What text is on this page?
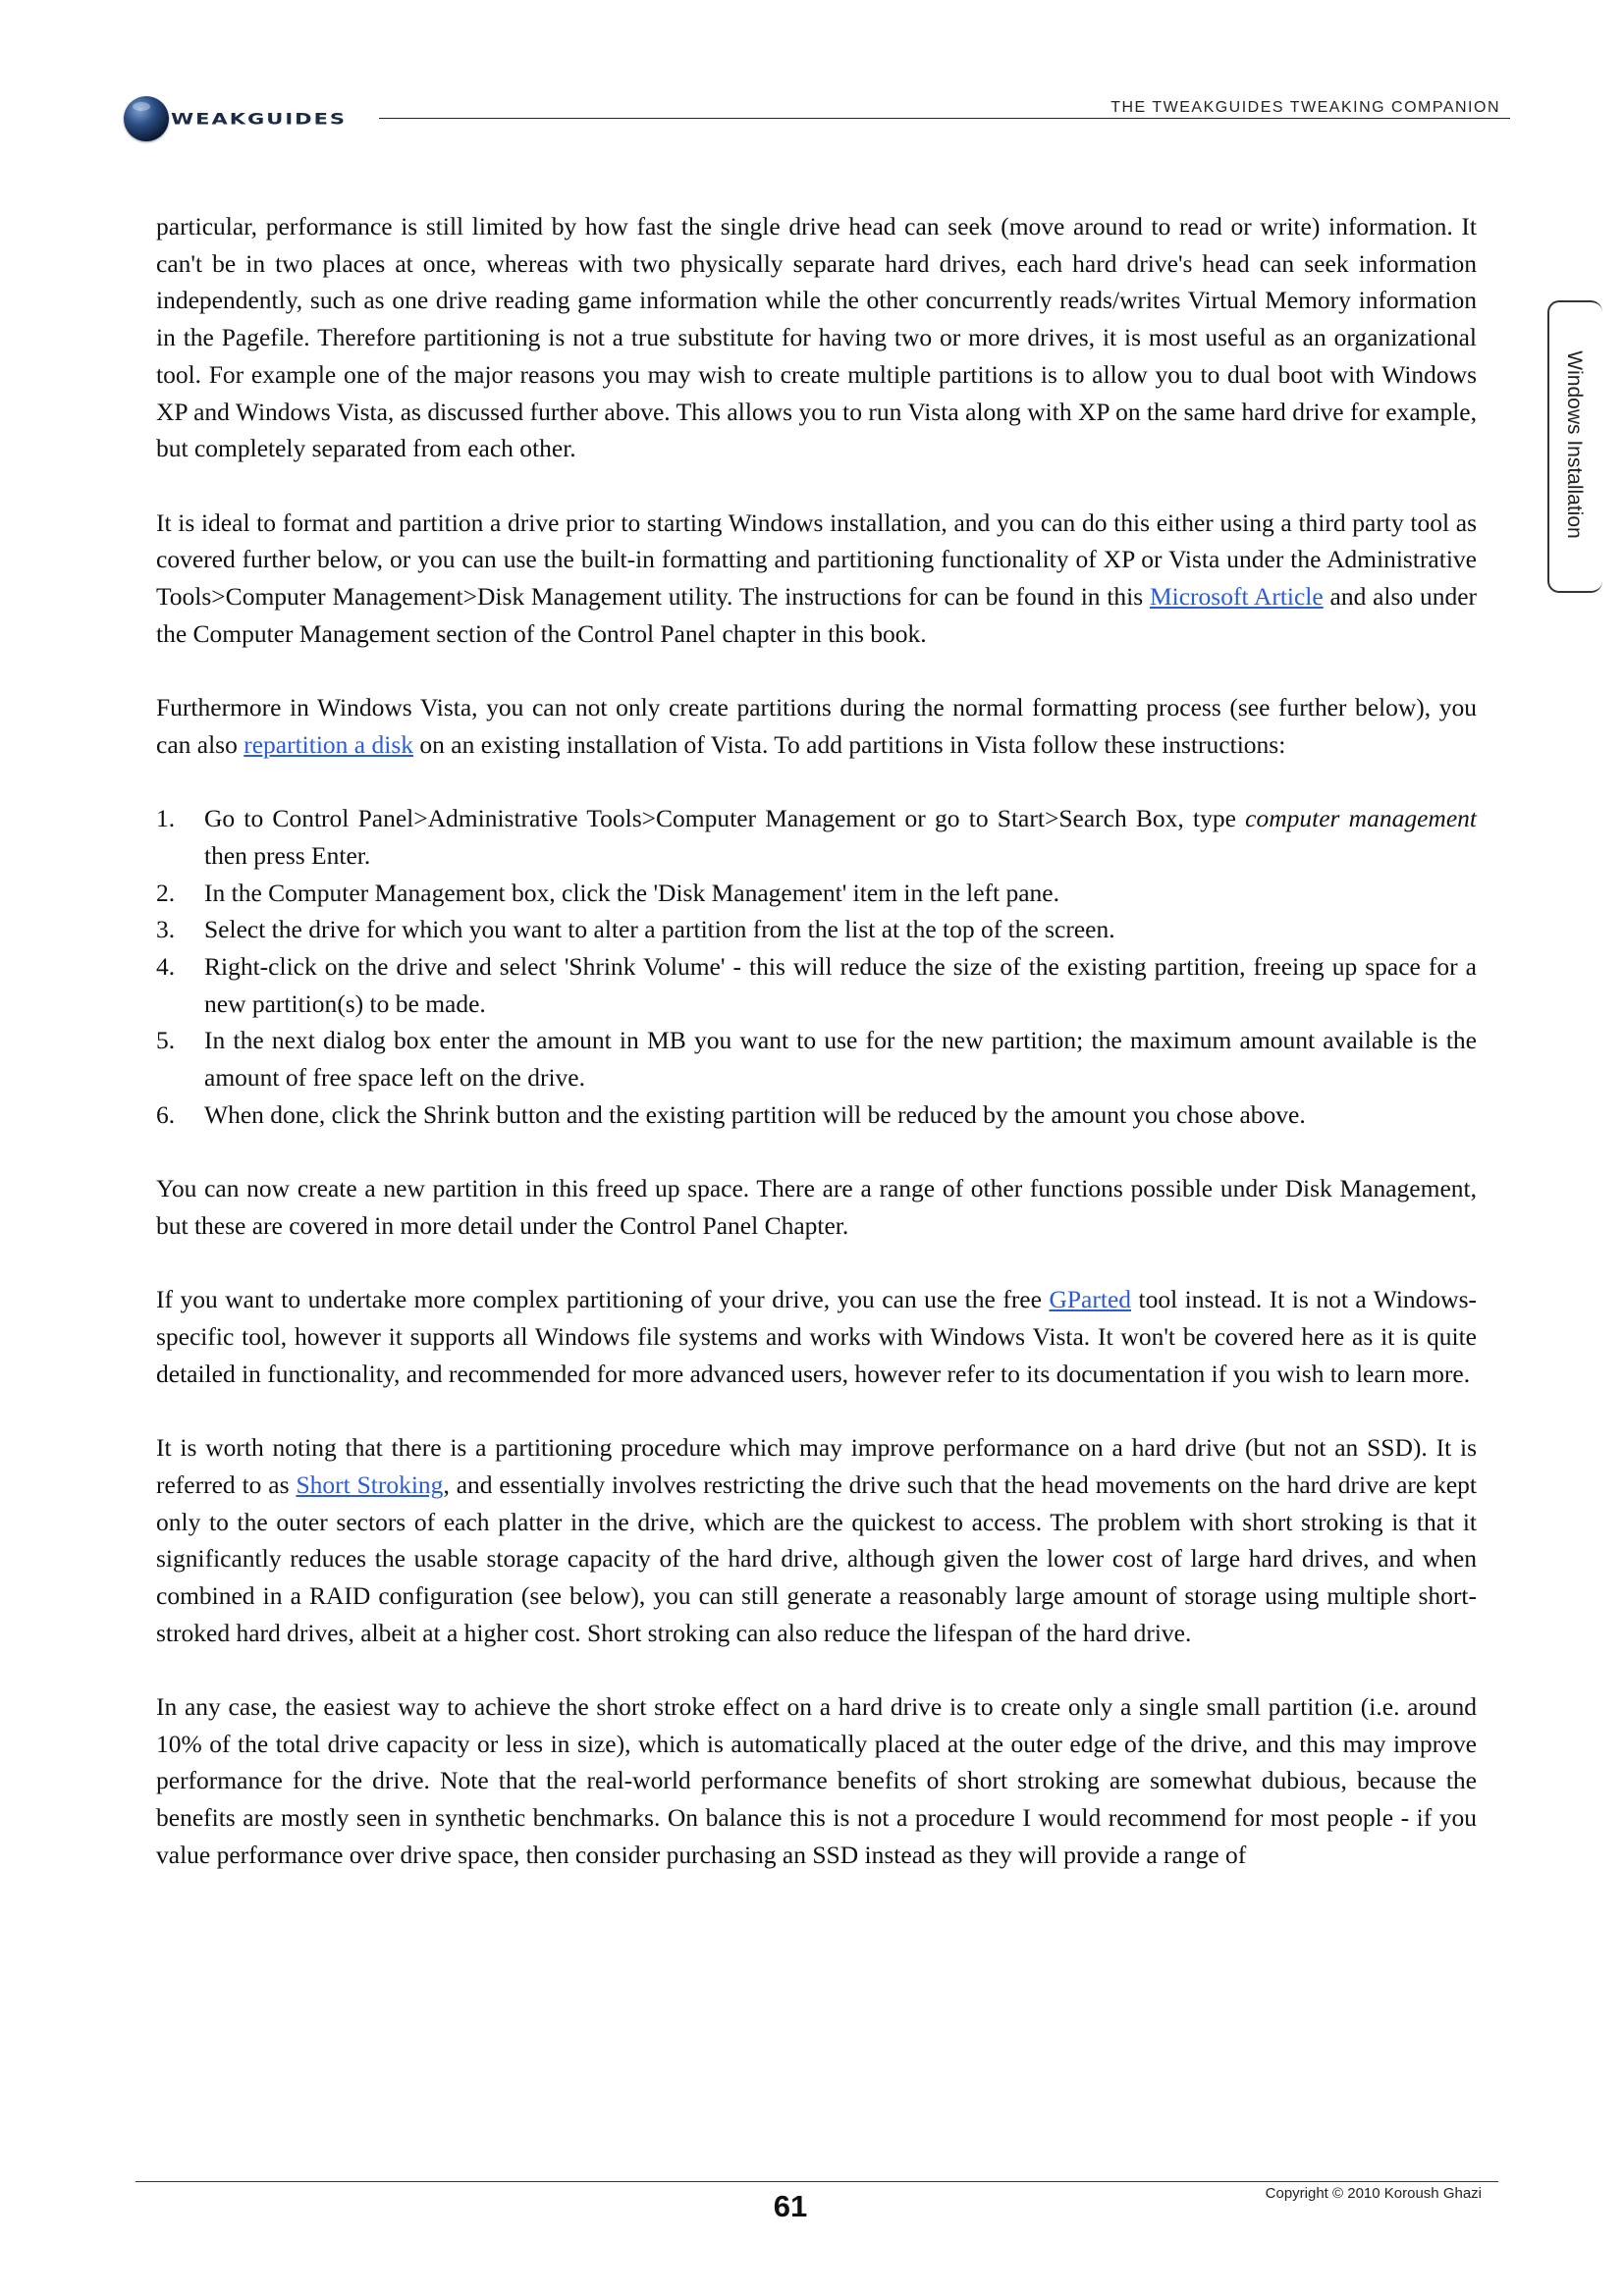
WEAKGUIDES
THE TWEAKGUIDES TWEAKING COMPANION
Windows Installation

particular, performance is still limited by how fast the single drive head can seek (move around to read or write) information. It can't be in two places at once, whereas with two physically separate hard drives, each hard drive's head can seek information independently, such as one drive reading game information while the other concurrently reads/writes Virtual Memory information in the Pagefile. Therefore partitioning is not a true substitute for having two or more drives, it is most useful as an organizational tool. For example one of the major reasons you may wish to create multiple partitions is to allow you to dual boot with Windows XP and Windows Vista, as discussed further above. This allows you to run Vista along with XP on the same hard drive for example, but completely separated from each other.

It is ideal to format and partition a drive prior to starting Windows installation, and you can do this either using a third party tool as covered further below, or you can use the built-in formatting and partitioning functionality of XP or Vista under the Administrative Tools>Computer Management>Disk Management utility. The instructions for can be found in this Microsoft Article and also under the Computer Management section of the Control Panel chapter in this book.

Furthermore in Windows Vista, you can not only create partitions during the normal formatting process (see further below), you can also repartition a disk on an existing installation of Vista. To add partitions in Vista follow these instructions:

1. Go to Control Panel>Administrative Tools>Computer Management or go to Start>Search Box, type computer management then press Enter.
2. In the Computer Management box, click the 'Disk Management' item in the left pane.
3. Select the drive for which you want to alter a partition from the list at the top of the screen.
4. Right-click on the drive and select 'Shrink Volume' - this will reduce the size of the existing partition, freeing up space for a new partition(s) to be made.
5. In the next dialog box enter the amount in MB you want to use for the new partition; the maximum amount available is the amount of free space left on the drive.
6. When done, click the Shrink button and the existing partition will be reduced by the amount you chose above.

You can now create a new partition in this freed up space. There are a range of other functions possible under Disk Management, but these are covered in more detail under the Control Panel Chapter.

If you want to undertake more complex partitioning of your drive, you can use the free GParted tool instead. It is not a Windows-specific tool, however it supports all Windows file systems and works with Windows Vista. It won't be covered here as it is quite detailed in functionality, and recommended for more advanced users, however refer to its documentation if you wish to learn more.

It is worth noting that there is a partitioning procedure which may improve performance on a hard drive (but not an SSD). It is referred to as Short Stroking, and essentially involves restricting the drive such that the head movements on the hard drive are kept only to the outer sectors of each platter in the drive, which are the quickest to access. The problem with short stroking is that it significantly reduces the usable storage capacity of the hard drive, although given the lower cost of large hard drives, and when combined in a RAID configuration (see below), you can still generate a reasonably large amount of storage using multiple short-stroked hard drives, albeit at a higher cost. Short stroking can also reduce the lifespan of the hard drive.

In any case, the easiest way to achieve the short stroke effect on a hard drive is to create only a single small partition (i.e. around 10% of the total drive capacity or less in size), which is automatically placed at the outer edge of the drive, and this may improve performance for the drive. Note that the real-world performance benefits of short stroking are somewhat dubious, because the benefits are mostly seen in synthetic benchmarks. On balance this is not a procedure I would recommend for most people - if you value performance over drive space, then consider purchasing an SSD instead as they will provide a range of

61	Copyright © 2010 Koroush Ghazi
